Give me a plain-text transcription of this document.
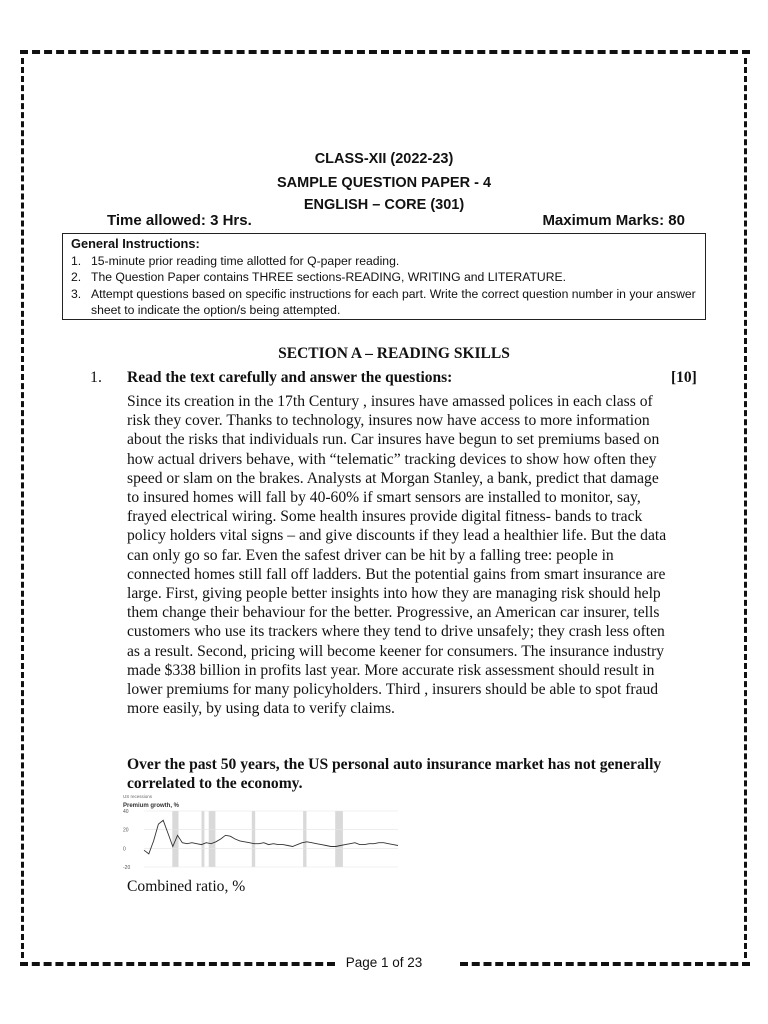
CLASS-XII (2022-23)
SAMPLE QUESTION PAPER - 4
ENGLISH – CORE (301)
Time allowed: 3 Hrs.	Maximum Marks: 80
General Instructions:
1. 15-minute prior reading time allotted for Q-paper reading.
2. The Question Paper contains THREE sections-READING, WRITING and LITERATURE.
3. Attempt questions based on specific instructions for each part. Write the correct question number in your answer sheet to indicate the option/s being attempted.
SECTION A – READING SKILLS
1. Read the text carefully and answer the questions:	[10]
Since its creation in the 17th Century , insures have amassed polices in each class of risk they cover. Thanks to technology, insures now have access to more information about the risks that individuals run. Car insures have begun to set premiums based on how actual drivers behave, with “telematic” tracking devices to show how often they speed or slam on the brakes. Analysts at Morgan Stanley, a bank, predict that damage to insured homes will fall by 40-60% if smart sensors are installed to monitor, say, frayed electrical wiring. Some health insures provide digital fitness- bands to track policy holders vital signs – and give discounts if they lead a healthier life. But the data can only go so far. Even the safest driver can be hit by a falling tree: people in connected homes still fall off ladders. But the potential gains from smart insurance are large. First, giving people better insights into how they are managing risk should help them change their behaviour for the better. Progressive, an American car insurer, tells customers who use its trackers where they tend to drive unsafely; they crash less often as a result. Second, pricing will become keener for consumers. The insurance industry made $338 billion in profits last year. More accurate risk assessment should result in lower premiums for many policyholders. Third , insurers should be able to spot fraud more easily, by using data to verify claims.
Over the past 50 years, the US personal auto insurance market has not generally correlated to the economy.
US recessions
Premium growth, %
40
20
0
-20
Combined ratio, %
Page 1 of 23
